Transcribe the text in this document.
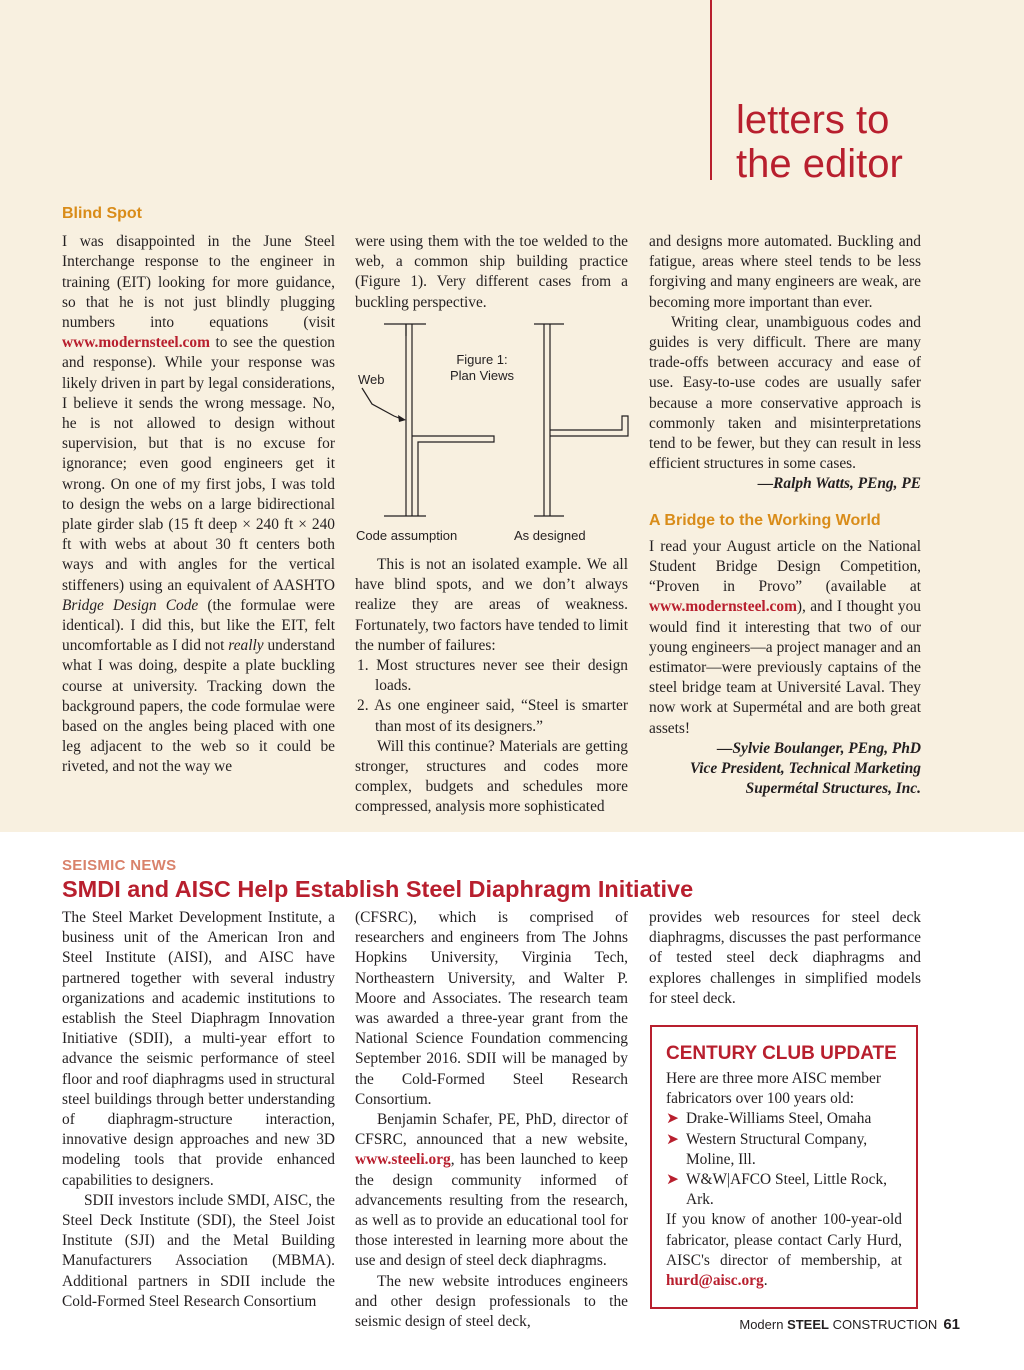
letters to the editor

Blind Spot

I was disappointed in the June Steel Interchange response to the engineer in training (EIT) looking for more guidance, so that he is not just blindly plugging numbers into equations (visit www.modernsteel.com to see the question and response). While your response was likely driven in part by legal considerations, I believe it sends the wrong message. No, he is not allowed to design without supervision, but that is no excuse for ignorance; even good engineers get it wrong. On one of my first jobs, I was told to design the webs on a large bidirectional plate girder slab (15 ft deep × 240 ft × 240 ft with webs at about 30 ft centers both ways and with angles for the vertical stiffeners) using an equivalent of AASHTO Bridge Design Code (the formulae were identical). I did this, but like the EIT, felt uncomfortable as I did not really understand what I was doing, despite a plate buckling course at university. Tracking down the background papers, the code formulae were based on the angles being placed with one leg adjacent to the web so it could be riveted, and not the way we

were using them with the toe welded to the web, a common ship building practice (Figure 1). Very different cases from a buckling perspective.

Figure 1:
Plan Views
Web
Code assumption	As designed

This is not an isolated example. We all have blind spots, and we don’t always realize they are areas of weakness. Fortunately, two factors have tended to limit the number of failures:

1. Most structures never see their design loads.

2. As one engineer said, “Steel is smarter than most of its designers.”

Will this continue? Materials are getting stronger, structures and codes more complex, budgets and schedules more compressed, analysis more sophisticated

and designs more automated. Buckling and fatigue, areas where steel tends to be less forgiving and many engineers are weak, are becoming more important than ever.

Writing clear, unambiguous codes and guides is very difficult. There are many trade-offs between accuracy and ease of use. Easy-to-use codes are usually safer because a more conservative approach is commonly taken and misinterpretations tend to be fewer, but they can result in less efficient structures in some cases.

—Ralph Watts, PEng, PE

A Bridge to the Working World

I read your August article on the National Student Bridge Design Competition, “Proven in Provo” (available at www.modernsteel.com), and I thought you would find it interesting that two of our young engineers—a project manager and an estimator—were previously captains of the steel bridge team at Université Laval. They now work at Supermétal and are both great assets!

—Sylvie Boulanger, PEng, PhD

Vice President, Technical Marketing

Supermétal Structures, Inc.

SEISMIC NEWS
SMDI and AISC Help Establish Steel Diaphragm Initiative

The Steel Market Development Institute, a business unit of the American Iron and Steel Institute (AISI), and AISC have partnered together with several industry organizations and academic institutions to establish the Steel Diaphragm Innovation Initiative (SDII), a multi-year effort to advance the seismic performance of steel floor and roof diaphragms used in structural steel buildings through better understanding of diaphragm-structure interaction, innovative design approaches and new 3D modeling tools that provide enhanced capabilities to designers.

SDII investors include SMDI, AISC, the Steel Deck Institute (SDI), the Steel Joist Institute (SJI) and the Metal Building Manufacturers Association (MBMA). Additional partners in SDII include the Cold-Formed Steel Research Consortium

(CFSRC), which is comprised of researchers and engineers from The Johns Hopkins University, Virginia Tech, Northeastern University, and Walter P. Moore and Associates. The research team was awarded a three-year grant from the National Science Foundation commencing September 2016. SDII will be managed by the Cold-Formed Steel Research Consortium.

Benjamin Schafer, PE, PhD, director of CFSRC, announced that a new website, www.steeli.org, has been launched to keep the design community informed of advancements resulting from the research, as well as to provide an educational tool for those interested in learning more about the use and design of steel deck diaphragms.

The new website introduces engineers and other design professionals to the seismic design of steel deck,

provides web resources for steel deck diaphragms, discusses the past performance of tested steel deck diaphragms and explores challenges in simplified models for steel deck.

CENTURY CLUB UPDATE

Here are three more AISC member fabricators over 100 years old:

➤ Drake-Williams Steel, Omaha

➤ Western Structural Company, Moline, Ill.

➤ W&W|AFCO Steel, Little Rock, Ark.

If you know of another 100-year-old fabricator, please contact Carly Hurd, AISC's director of membership, at hurd@aisc.org.

Modern STEEL CONSTRUCTION 61
